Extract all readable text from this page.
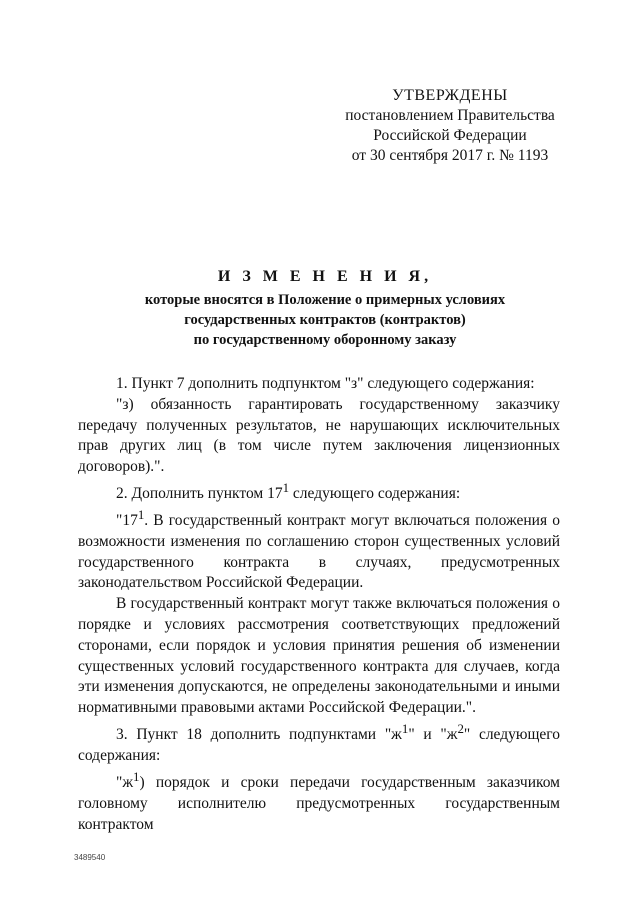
УТВЕРЖДЕНЫ
постановлением Правительства
Российской Федерации
от 30 сентября 2017 г. № 1193
И З М Е Н Е Н И Я,
которые вносятся в Положение о примерных условиях
государственных контрактов (контрактов)
по государственному оборонному заказу

1. Пункт 7 дополнить подпунктом "з" следующего содержания:

"з) обязанность гарантировать государственному заказчику передачу полученных результатов, не нарушающих исключительных прав других лиц (в том числе путем заключения лицензионных договоров).".

2. Дополнить пунктом $17^1$ следующего содержания:

"$17^1$. В государственный контракт могут включаться положения о возможности изменения по соглашению сторон существенных условий государственного контракта в случаях, предусмотренных законодательством Российской Федерации.

В государственный контракт могут также включаться положения о порядке и условиях рассмотрения соответствующих предложений сторонами, если порядок и условия принятия решения об изменении существенных условий государственного контракта для случаев, когда эти изменения допускаются, не определены законодательными и иными нормативными правовыми актами Российской Федерации.".

3. Пункт 18 дополнить подпунктами "$ж^1$" и "$ж^2$" следующего содержания:

"$ж^1$) порядок и сроки передачи государственным заказчиком головному исполнителю предусмотренных государственным контрактом

3489540
